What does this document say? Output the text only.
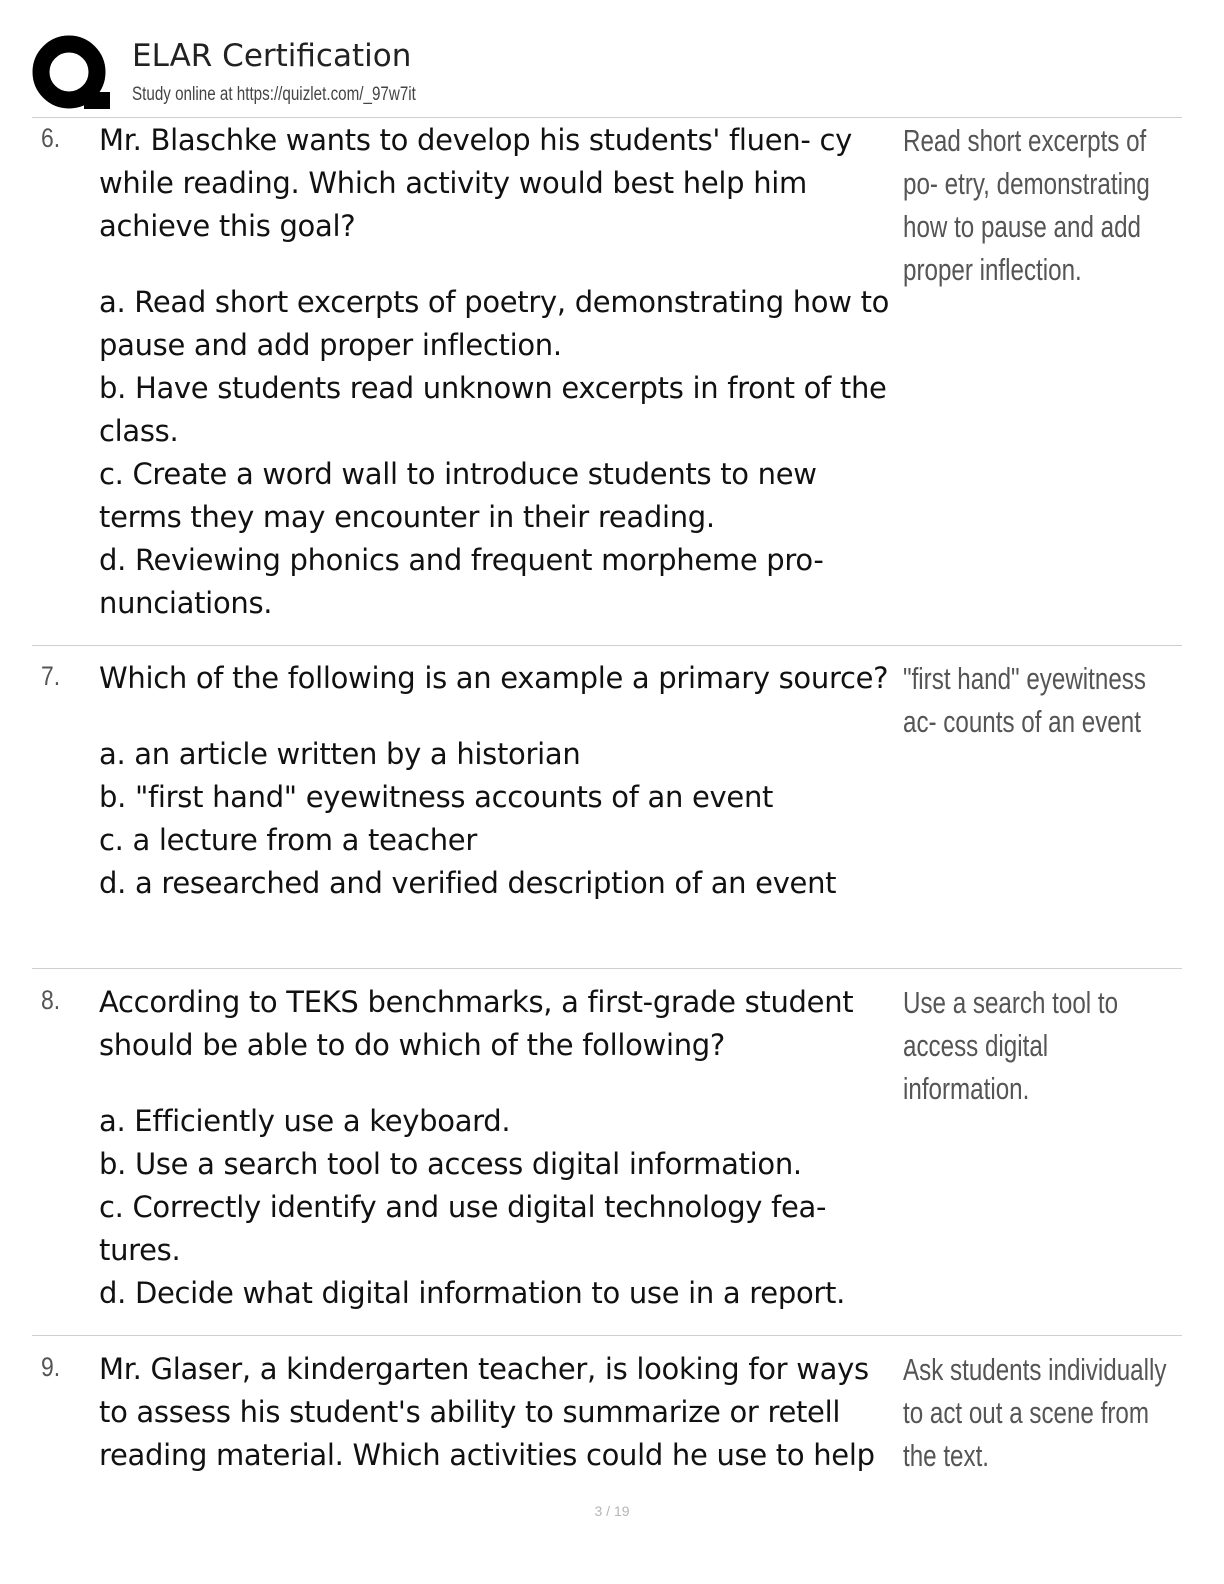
ELAR Certification
Study online at https://quizlet.com/_97w7it
6. Mr. Blaschke wants to develop his students' fluen- cy while reading. Which activity would best help him achieve this goal?

a. Read short excerpts of poetry, demonstrating how to pause and add proper inflection.

b. Have students read unknown excerpts in front of the class.

c. Create a word wall to introduce students to new terms they may encounter in their reading.

d. Reviewing phonics and frequent morpheme pro- nunciations.

Read short excerpts of po- etry, demonstrating how to pause and add proper inflection.
7. Which of the following is an example a primary source?

a. an article written by a historian

b. "first hand" eyewitness accounts of an event

c. a lecture from a teacher

d. a researched and verified description of an event

"first hand" eyewitness ac- counts of an event
8. According to TEKS benchmarks, a first-grade student should be able to do which of the following?

a. Efficiently use a keyboard.

b. Use a search tool to access digital information.

c. Correctly identify and use digital technology fea- tures.

d. Decide what digital information to use in a report.

Use a search tool to access digital information.
9. Mr. Glaser, a kindergarten teacher, is looking for ways to assess his student's ability to summarize or retell reading material. Which activities could he use to help

Ask students individually to act out a scene from the text.
3 / 19
